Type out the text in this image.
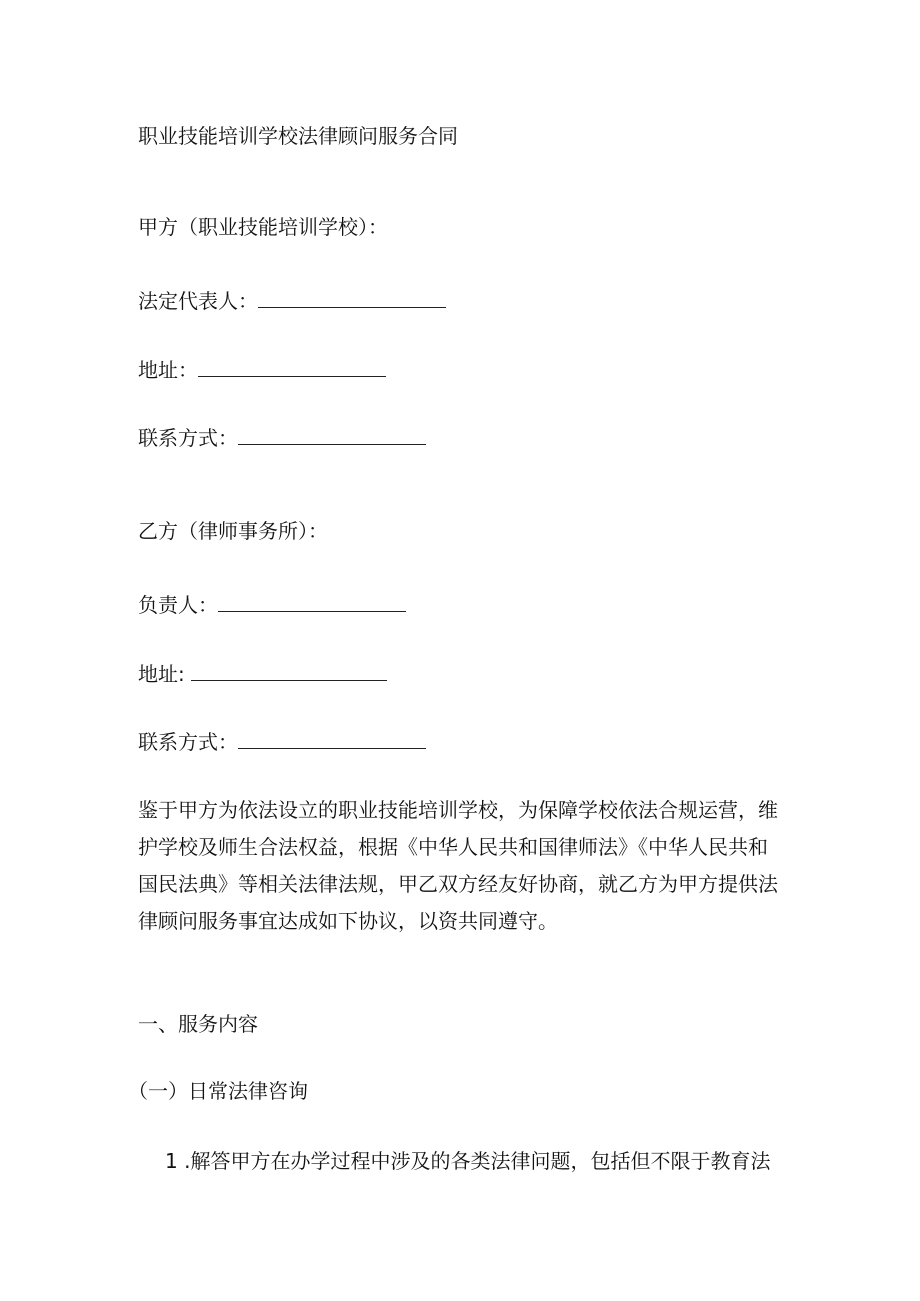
职业技能培训学校法律顾问服务合同
甲方（职业技能培训学校）：
法定代表人：
地址：
联系方式：
乙方（律师事务所）：
负责人：
地址:
联系方式：
鉴于甲方为依法设立的职业技能培训学校，为保障学校依法合规运营，维
护学校及师生合法权益，根据《中华人民共和国律师法》《中华人民共和
国民法典》等相关法律法规，甲乙双方经友好协商，就乙方为甲方提供法
律顾问服务事宜达成如下协议，以资共同遵守。
一、服务内容
（一）日常法律咨询
1 .解答甲方在办学过程中涉及的各类法律问题，包括但不限于教育法
